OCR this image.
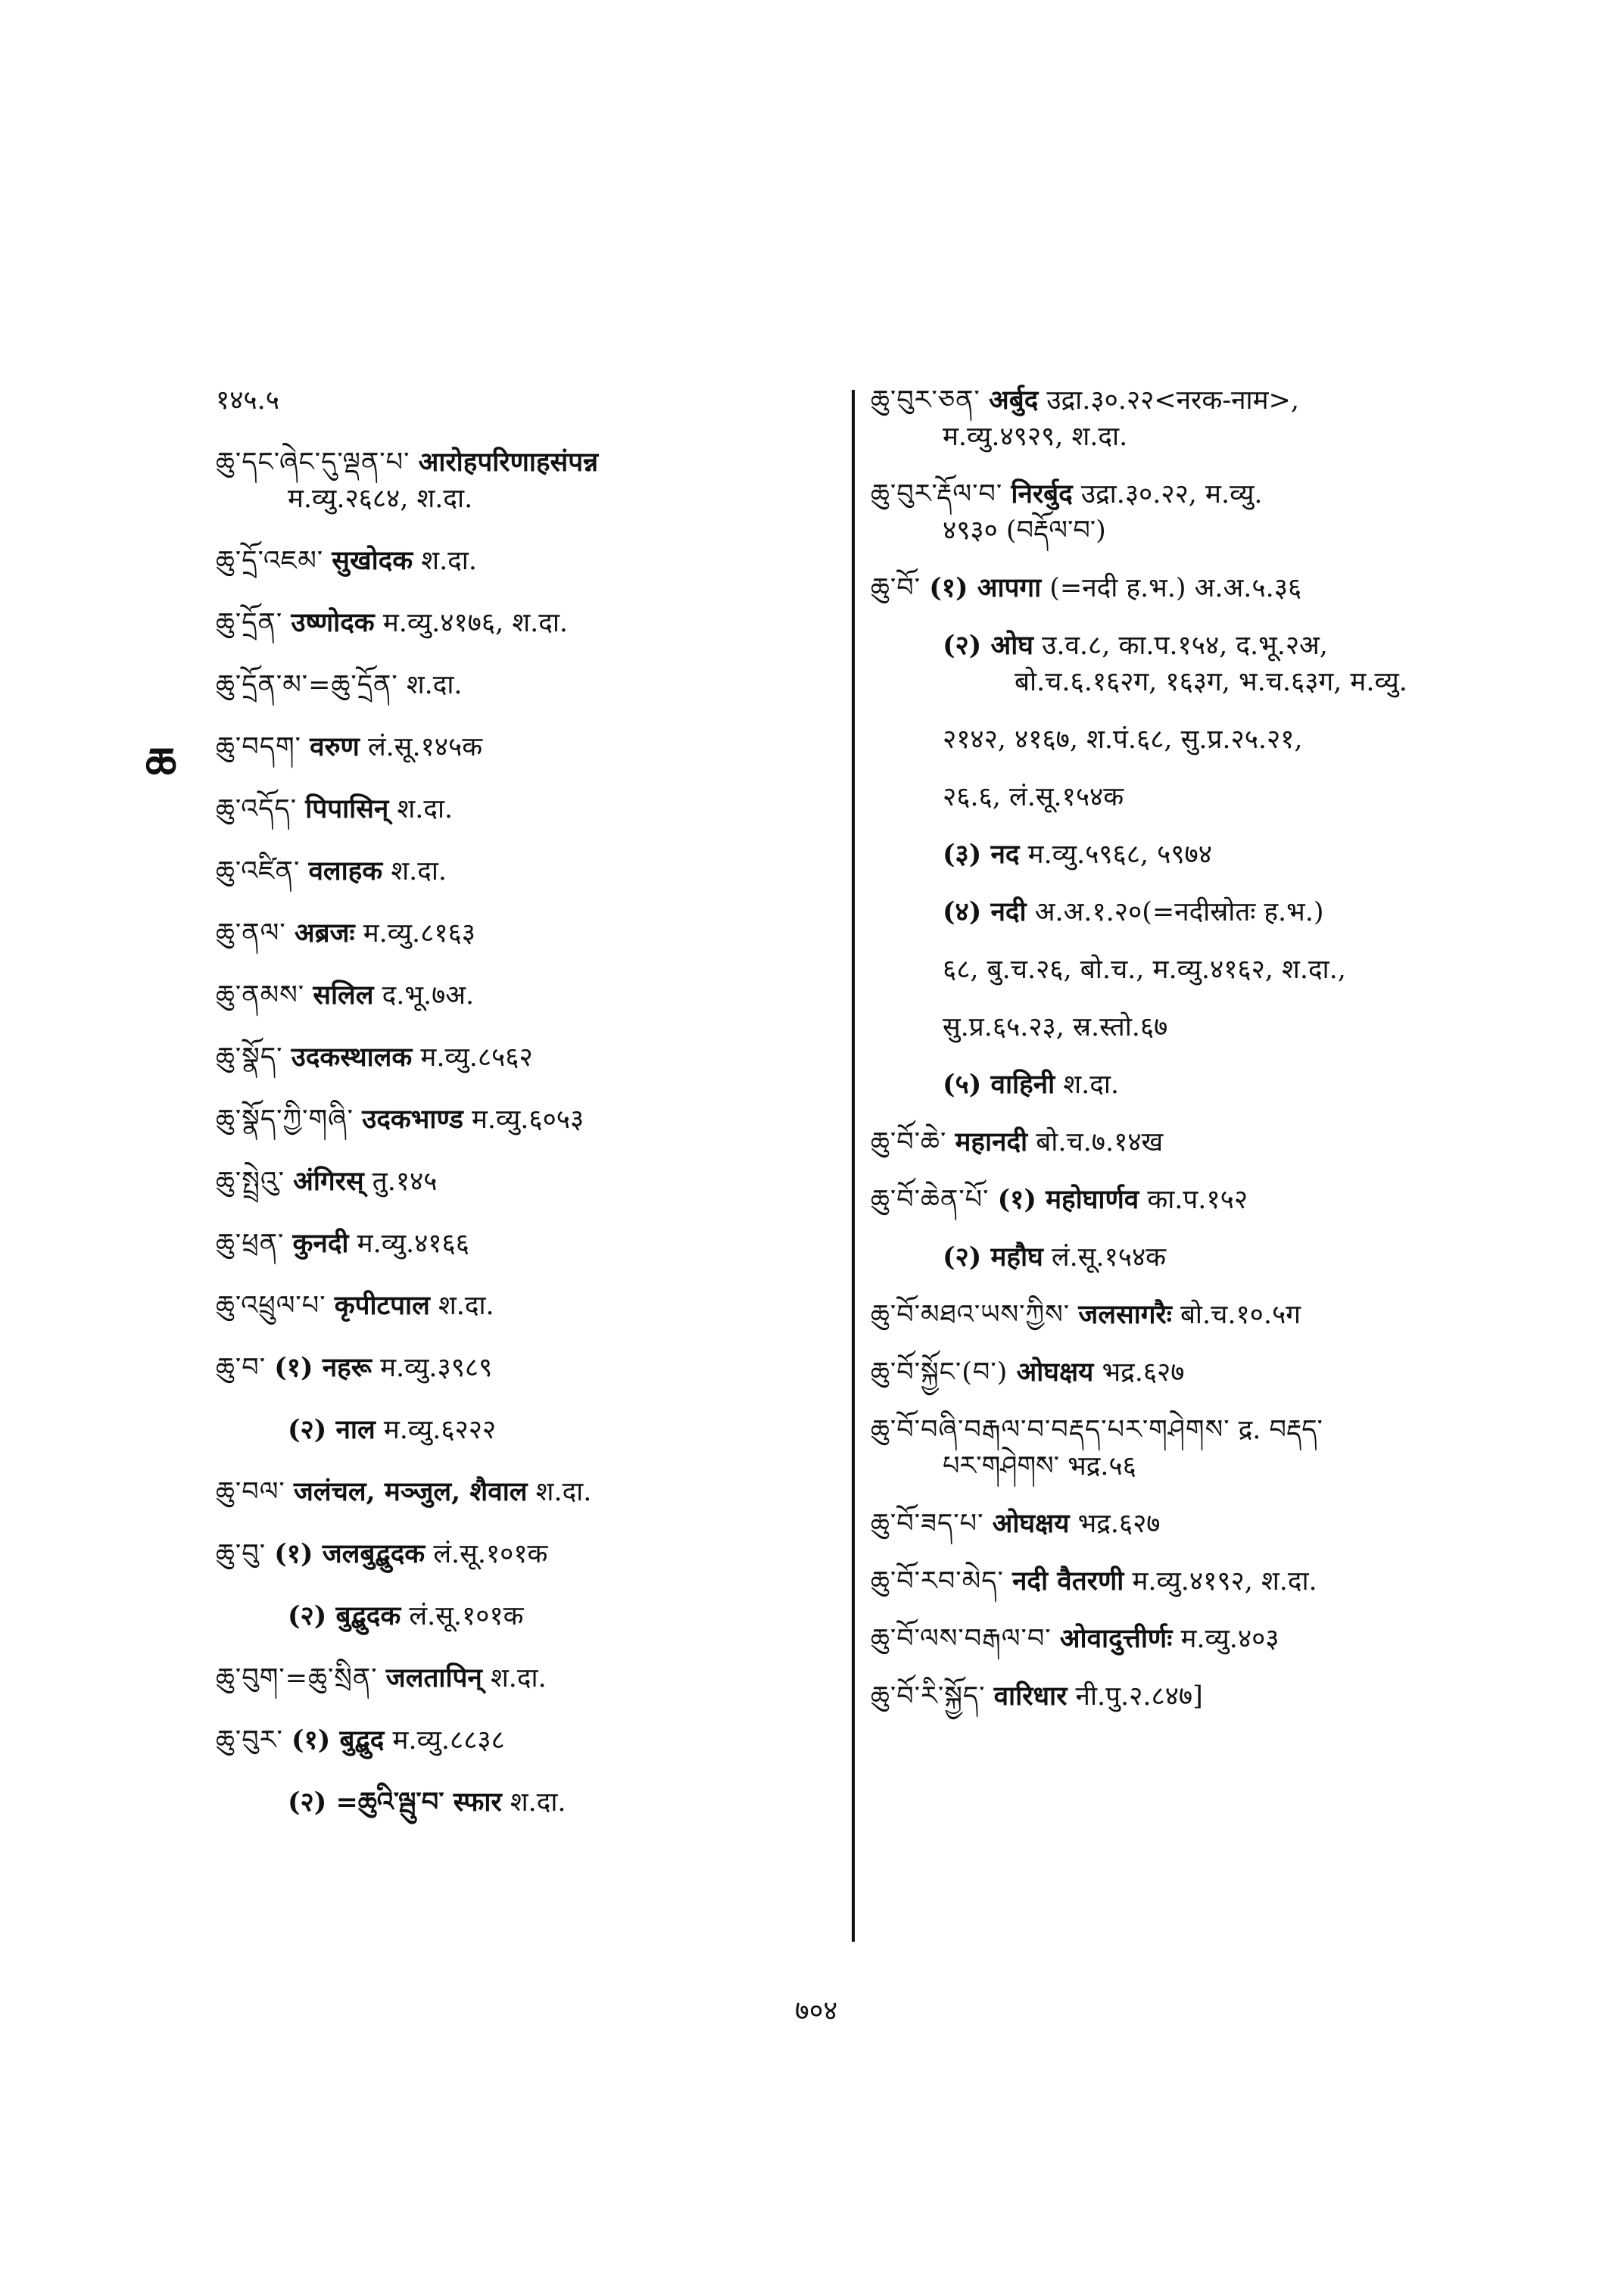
ཆ
१४५.५
ཆུ་དང་ཞེང་དུ་ལྡན་པ་ आरोहपरिणाहसंपन्न
म.व्यु.२६८४, श.दा.
ཆུ་དྲོ་འཇམ་ सुखोदक श.दा.
ཆུ་དྲོན་ उष्णोदक म.व्यु.४१७६, श.दा.
ཆུ་དྲོན་མ་=ཆུ་དྲོན་ श.दा.
ཆུ་བདག་ वरुण लं.सू.१४५क
ཆུ་འདོད་ पिपासिन् श.दा.
ཆུ་འཛིན་ वलाहक श.दा.
ཆུ་ནལ་ अब्रजः म.व्यु.८१६३
ཆུ་ནམས་ सलिल द.भू.७अ.
ཆུ་སྣོད་ उदकस्थालक म.व्यु.८५६२
ཆུ་སྣོད་ཀྱི་གཞི་ उदकभाण्ड म.व्यु.६०५३
ཆུ་སྤྲེའུ་ अंगिरस् तु.१४५
ཆུ་ཕྲན་ कुनदी म.व्यु.४१६६
ཆུ་འཕྲུལ་པ་ कृपीटपाल श.दा.
ཆུ་བ་ (१) नहरू म.व्यु.३९८९
(२) नाल म.व्यु.६२२२
ཆུ་བལ་ जलंचल, मञ्जुल, शैवाल श.दा.
ཆུ་བུ་ (१) जलबुद्बुदक लं.सू.१०१क
(२) बुद्बुदक लं.सू.१०१क
ཆུ་བུག་=ཆུ་སྲིན་ जलतापिन् श.दा.
ཆུ་བུར་ (१) बुद्बुद म.व्यु.८८३८
(२) =ཆུའི་ལྦུ་བ་ स्फार श.दा.
ཆུ་བུར་ཅན་ अर्बुद उद्रा.३०.२२<नरक-नाम>,
म.व्यु.४९२९, श.दा.
ཆུ་བུར་རྡོལ་བ་ निरर्बुद उद्रा.३०.२२, म.व्यु.
४९३० (བརྡོལ་བ་)
ཆུ་བོ་ (१) आपगा (=नदी ह.भ.) अ.अ.५.३६
(२) ओघ उ.व.८, का.प.१५४, द.भू.२अ,
बो.च.६.१६२ग, १६३ग, भ.च.६३ग, म.व्यु.
२१४२, ४१६७, श.पं.६८, सु.प्र.२५.२१,
२६.६, लं.सू.१५४क
(३) नद म.व्यु.५९६८, ५९७४
(४) नदी अ.अ.१.२०(=नदीस्रोतः ह.भ.)
६८, बु.च.२६, बो.च., म.व्यु.४१६२, श.दा.,
सु.प्र.६५.२३, स्र.स्तो.६७
(५) वाहिनी श.दा.
ཆུ་བོ་ཆེ་ महानदी बो.च.७.१४ख
ཆུ་བོ་ཆེན་པོ་ (१) महोघार्णव का.प.१५२
(२) महौघ लं.सू.१५४क
ཆུ་བོ་མཐའ་ཡས་ཀྱིས་ जलसागरैः बो.च.१०.५ग
ཆུ་བོ་སྐྱོང་(བ་) ओघक्षय भद्र.६२७
ཆུ་བོ་བཞི་བརྒལ་བ་བརྡད་པར་གཤེགས་ द्र. བརྡད་
པར་གཤེགས་ भद्र.५६
ཆུ་བོ་ཟད་པ་ ओघक्षय भद्र.६२७
ཆུ་བོ་རབ་མེད་ नदी वैतरणी म.व्यु.४१९२, श.दा.
ཆུ་བོ་ལས་བརྒལ་བ་ ओवादुत्तीर्णः म.व्यु.४०३
ཆུ་བོ་རི་སྐྱོད་ वारिधार नी.पु.२.८४७]
७०४
